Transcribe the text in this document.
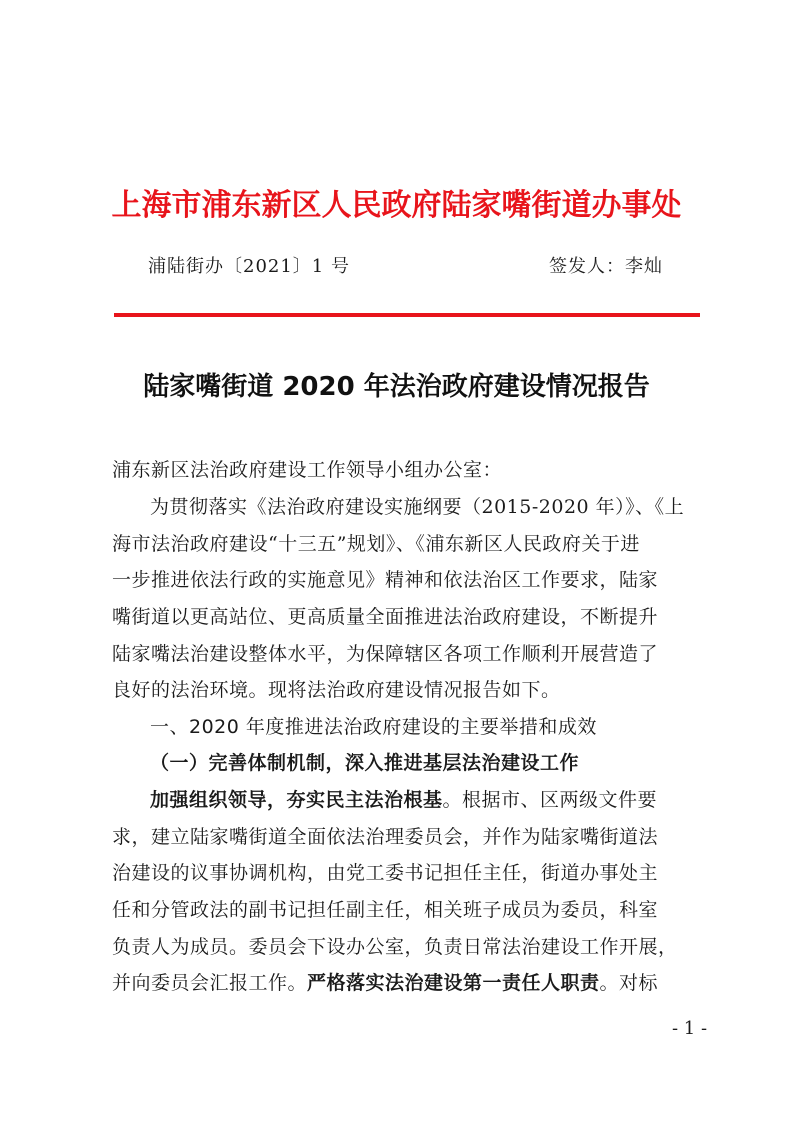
上海市浦东新区人民政府陆家嘴街道办事处
浦陆街办〔2021〕1 号	签发人：李灿
陆家嘴街道 2020 年法治政府建设情况报告
浦东新区法治政府建设工作领导小组办公室：
为贯彻落实《法治政府建设实施纲要（2015-2020 年）》、《上
海市法治政府建设“十三五”规划》、《浦东新区人民政府关于进
一步推进依法行政的实施意见》精神和依法治区工作要求，陆家
嘴街道以更高站位、更高质量全面推进法治政府建设，不断提升
陆家嘴法治建设整体水平，为保障辖区各项工作顺利开展营造了
良好的法治环境。现将法治政府建设情况报告如下。
一、2020 年度推进法治政府建设的主要举措和成效
（一）完善体制机制，深入推进基层法治建设工作
加强组织领导，夯实民主法治根基。根据市、区两级文件要
求，建立陆家嘴街道全面依法治理委员会，并作为陆家嘴街道法
治建设的议事协调机构，由党工委书记担任主任，街道办事处主
任和分管政法的副书记担任副主任，相关班子成员为委员，科室
负责人为成员。委员会下设办公室，负责日常法治建设工作开展，
并向委员会汇报工作。严格落实法治建设第一责任人职责。对标
- 1 -
